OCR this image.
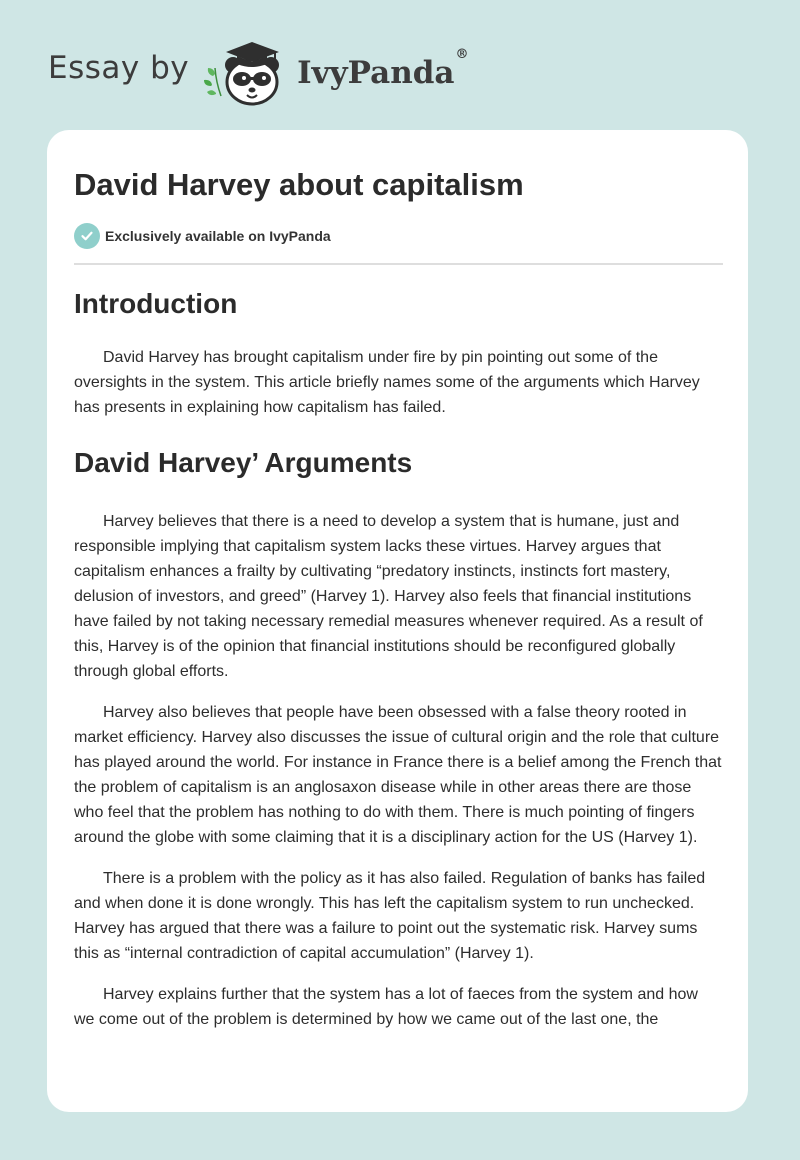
Essay by	IvyPanda®
David Harvey about capitalism
Exclusively available on IvyPanda
Introduction

David Harvey has brought capitalism under fire by pin pointing out some of the oversights in the system. This article briefly names some of the arguments which Harvey has presents in explaining how capitalism has failed.

David Harvey’ Arguments

Harvey believes that there is a need to develop a system that is humane, just and responsible implying that capitalism system lacks these virtues. Harvey argues that capitalism enhances a frailty by cultivating “predatory instincts, instincts fort mastery, delusion of investors, and greed” (Harvey 1). Harvey also feels that financial institutions have failed by not taking necessary remedial measures whenever required. As a result of this, Harvey is of the opinion that financial institutions should be reconfigured globally through global efforts.

Harvey also believes that people have been obsessed with a false theory rooted in market efficiency. Harvey also discusses the issue of cultural origin and the role that culture has played around the world. For instance in France there is a belief among the French that the problem of capitalism is an anglosaxon disease while in other areas there are those who feel that the problem has nothing to do with them. There is much pointing of fingers around the globe with some claiming that it is a disciplinary action for the US (Harvey 1).

There is a problem with the policy as it has also failed. Regulation of banks has failed and when done it is done wrongly. This has left the capitalism system to run unchecked. Harvey has argued that there was a failure to point out the systematic risk. Harvey sums this as “internal contradiction of capital accumulation” (Harvey 1).

Harvey explains further that the system has a lot of faeces from the system and how we come out of the problem is determined by how we came out of the last one, the
